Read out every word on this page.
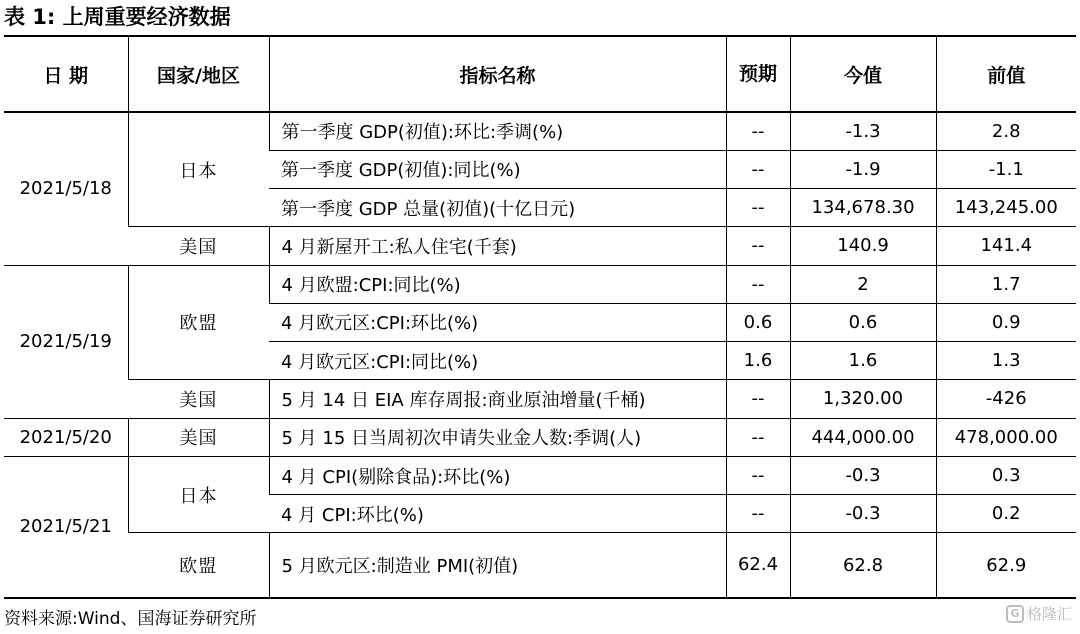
表 1: 上周重要经济数据
日 期	国家/地区	指标名称	预期	今值	前值
2021/5/18	日本	第一季度 GDP(初值):环比:季调(%)	--	-1.3	2.8
		第一季度 GDP(初值):同比(%)	--	-1.9	-1.1
		第一季度 GDP 总量(初值)(十亿日元)	--	134,678.30	143,245.00
	美国	4 月新屋开工:私人住宅(千套)	--	140.9	141.4
2021/5/19	欧盟	4 月欧盟:CPI:同比(%)	--	2	1.7
		4 月欧元区:CPI:环比(%)	0.6	0.6	0.9
		4 月欧元区:CPI:同比(%)	1.6	1.6	1.3
	美国	5 月 14 日 EIA 库存周报:商业原油增量(千桶)	--	1,320.00	-426
2021/5/20	美国	5 月 15 日当周初次申请失业金人数:季调(人)	--	444,000.00	478,000.00
2021/5/21	日本	4 月 CPI(剔除食品):环比(%)	--	-0.3	0.3
		4 月 CPI:环比(%)	--	-0.3	0.2
	欧盟	5 月欧元区:制造业 PMI(初值)	62.4	62.8	62.9
资料来源:Wind、国海证券研究所	G 格隆汇
